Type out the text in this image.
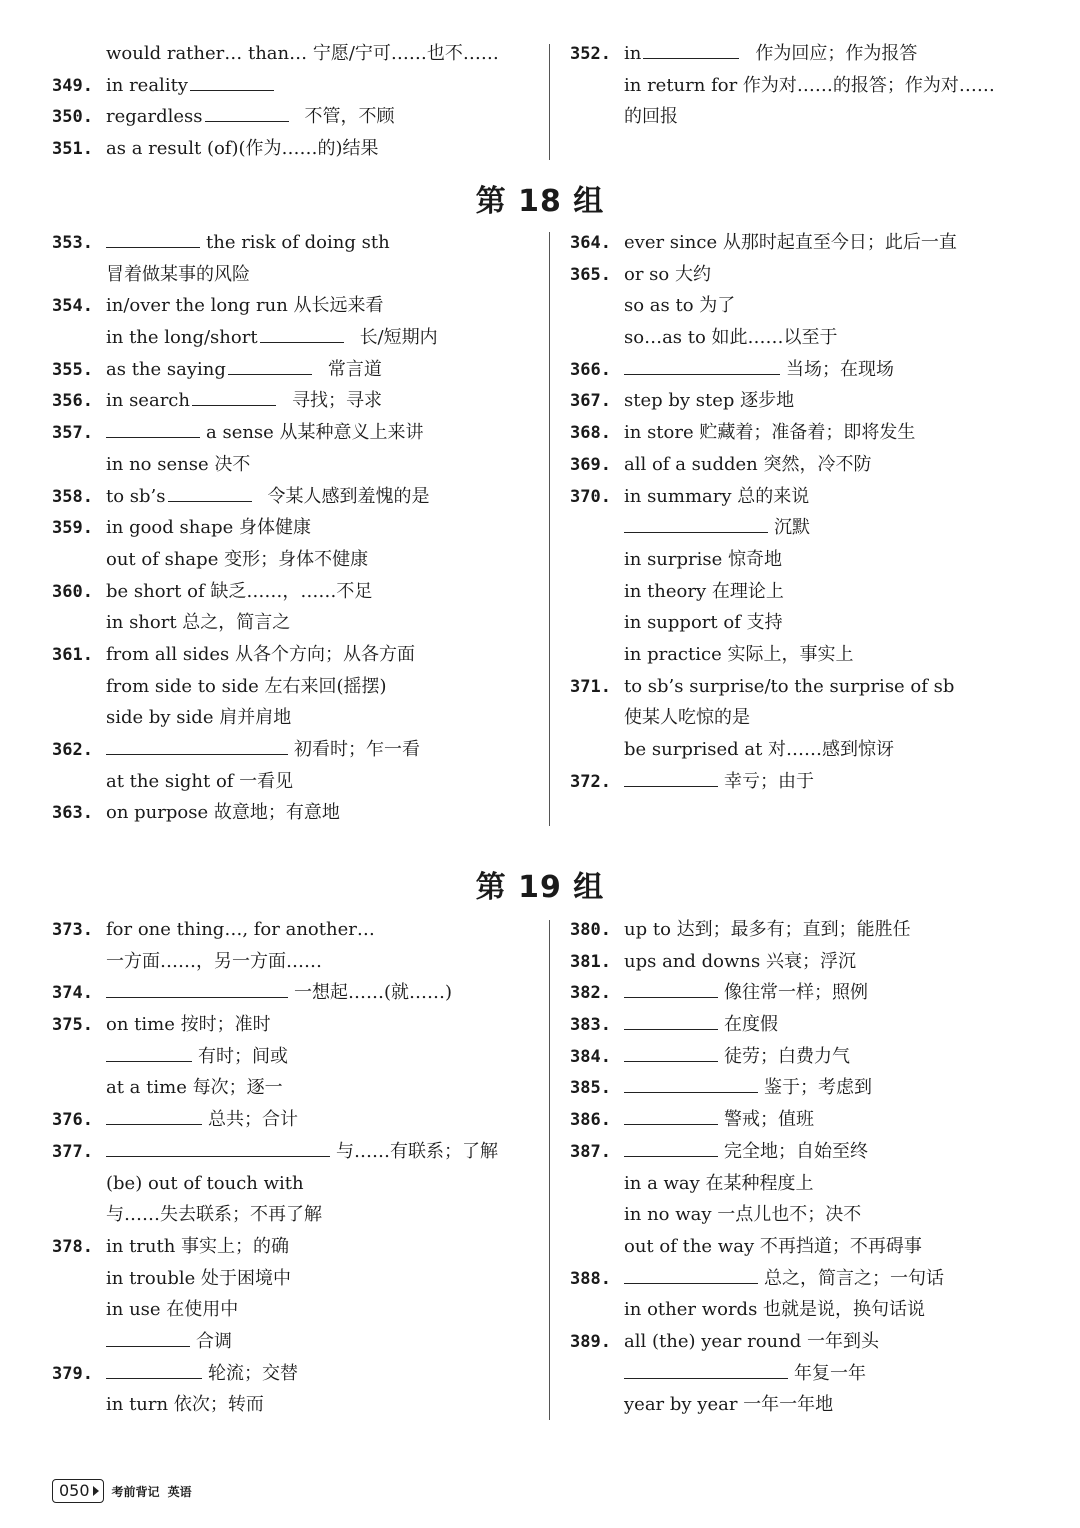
would rather… than… 宁愿/宁可……也不……
349. in reality
350. regardless	不管，不顾
351. as a result (of)(作为……的)结果
352. in	作为回应；作为报答
in return for 作为对……的报答；作为对……
的回报
第 18 组
353.	the risk of doing sth
冒着做某事的风险
354. in/over the long run 从长远来看
in the long/short	长/短期内
355. as the saying	常言道
356. in search	寻找；寻求
357.	a sense 从某种意义上来讲
in no sense 决不
358. to sb’s	令某人感到羞愧的是
359. in good shape 身体健康
out of shape 变形；身体不健康
360. be short of 缺乏……，……不足
in short 总之，简言之
361. from all sides 从各个方向；从各方面
from side to side 左右来回(摇摆)
side by side 肩并肩地
362.	初看时；乍一看
at the sight of 一看见
363. on purpose 故意地；有意地
364. ever since 从那时起直至今日；此后一直
365. or so 大约
so as to 为了
so…as to 如此……以至于
366.	当场；在现场
367. step by step 逐步地
368. in store 贮藏着；准备着；即将发生
369. all of a sudden 突然，冷不防
370. in summary 总的来说
沉默
in surprise 惊奇地
in theory 在理论上
in support of 支持
in practice 实际上，事实上
371. to sb’s surprise/to the surprise of sb
使某人吃惊的是
be surprised at 对……感到惊讶
372.	幸亏；由于
第 19 组
373. for one thing…, for another…
一方面……，另一方面……
374.	一想起……(就……)
375. on time 按时；准时
有时；间或
at a time 每次；逐一
376.	总共；合计
377.	与……有联系；了解
(be) out of touch with
与……失去联系；不再了解
378. in truth 事实上；的确
in trouble 处于困境中
in use 在使用中
合调
379.	轮流；交替
in turn 依次；转而
380. up to 达到；最多有；直到；能胜任
381. ups and downs 兴衰；浮沉
382.	像往常一样；照例
383.	在度假
384.	徒劳；白费力气
385.	鉴于；考虑到
386.	警戒；值班
387.	完全地；自始至终
in a way 在某种程度上
in no way 一点儿也不；决不
out of the way 不再挡道；不再碍事
388.	总之，简言之；一句话
in other words 也就是说，换句话说
389. all (the) year round 一年到头
年复一年
year by year 一年一年地
050 考前背记 英语
